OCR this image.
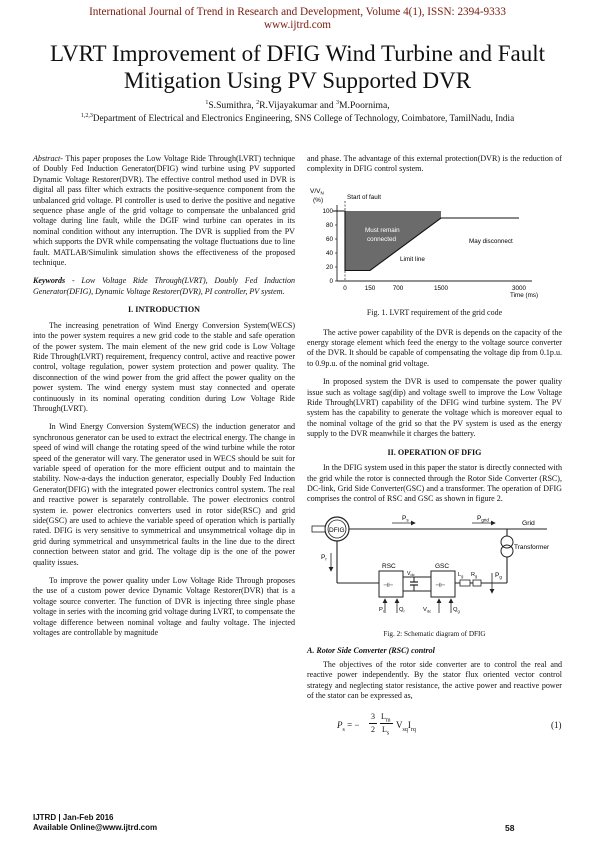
International Journal of Trend in Research and Development, Volume 4(1), ISSN: 2394-9333
www.ijtrd.com
LVRT Improvement of DFIG Wind Turbine and Fault Mitigation Using PV Supported DVR
$^1$S.Sumithra, $^2$R.Vijayakumar and $^3$M.Poornima,
$^{1,2,3}$Department of Electrical and Electronics Engineering, SNS College of Technology, Coimbatore, TamilNadu, India

Abstract- This paper proposes the Low Voltage Ride Through(LVRT) technique of Doubly Fed Induction Generator(DFIG) wind turbine using PV supported Dynamic Voltage Restorer(DVR). The effective control method used in DVR is digital all pass filter which extracts the positive-sequence component from the unbalanced grid voltage. PI controller is used to derive the positive and negative sequence phase angle of the grid voltage to compensate the unbalanced grid voltage during line fault, while the DGIF wind turbine can operates in its nominal condition without any interruption. The DVR is supplied from the PV which supports the DVR while compensating the voltage fluctuations due to line fault. MATLAB/Simulink simulation shows the effectiveness of the proposed technique.

Keywords - Low Voltage Ride Through(LVRT), Doubly Fed Induction Generator(DFIG), Dynamic Voltage Restorer(DVR), PI controller, PV system.

I. INTRODUCTION

The increasing penetration of Wind Energy Conversion System(WECS) into the power system requires a new grid code to the stable and safe operation of the power system. The main element of the new grid code is Low Voltage Ride Through(LVRT) requirement, frequency control, active and reactive power control, voltage regulation, power system protection and power quality. The disconnection of the wind power from the grid affect the power quality on the power system. The wind energy system must stay connected and operate continuously in its nominal operating condition during Low Voltage Ride Through(LVRT).

In Wind Energy Conversion System(WECS) the induction generator and synchronous generator can be used to extract the electrical energy. The change in speed of wind will change the rotating speed of the wind turbine while the rotor speed of the generator will vary. The generator used in WECS should be suit for variable speed of operation for the more efficient output and to maintain the stability. Now-a-days the induction generator, especially Doubly Fed Induction Generator(DFIG) with the integrated power electronics control system. The real and reactive power is separately controllable. The power electronics control system ie. power electronics converters used in rotor side(RSC) and grid side(GSC) are used to achieve the variable speed of operation which is partially rated. DFIG is very sensitive to symmetrical and unsymmetrical voltage dip in grid during symmetrical and unsymmetrical faults in the line due to the direct connection between stator and grid. The voltage dip is the one of the power quality issues.

To improve the power quality under Low Voltage Ride Through proposes the use of a custom power device Dynamic Voltage Restorer(DVR) that is a voltage source converter. The function of DVR is injecting three single phase voltage in series with the incoming grid voltage during LVRT, to compensate the voltage difference between nominal voltage and faulty voltage. The injected voltages are controllable by magnitude

and phase. The advantage of this external protection(DVR) is the reduction of complexity in DFIG control system.

0
20
40
60
80
100
0	150	700	1500	3000
$V/V_N$
(%)	Start of fault
Must remain
connected
Limit line
May disconnect
Time (ms)
Fig. 1. LVRT requirement of the grid code

The active power capability of the DVR is depends on the capacity of the energy storage element which feed the energy to the voltage source converter of the DVR. It should be capable of compensating the voltage dip from 0.1p.u. to 0.9p.u. of the nominal grid voltage.

In proposed system the DVR is used to compensate the power quality issue such as voltage sag(dip) and voltage swell to improve the Low Voltage Ride Through(LVRT) capability of the DFIG wind turbine system. The PV system has the capability to generate the voltage which is moreover equal to the nominal voltage of the grid so that the PV system is used as the energy supply to the DVR meanwhile it charges the battery.

II. OPERATION OF DFIG

In the DFIG system used in this paper the stator is directly connected with the grid while the rotor is connected through the Rotor Side Converter (RSC), DC-link, Grid Side Converter(GSC) and a transformer. The operation of DFIG comprises the control of RSC and GSC as shown in figure 2.

DFIG
$P_s$	$P_{grid}$	Grid
$P_r$
RSC
⊣⊢
GSC
⊣⊢
$L_g$ $R_g$	$P_g$
Transformer
$P_r$	$Q_r$	$V_{dc}$	$Q_g$
$V_{dc}$
Fig. 2: Schematic diagram of DFIG
A. Rotor Side Converter (RSC) control

The objectives of the rotor side converter are to control the real and reactive power independently. By the stator flux oriented vector control strategy and neglecting stator resistance, the active power and reactive power of the stator can be expressed as,

$P_s$ = −
3
2
$L_m$
$L_s$
$V_{sq}I_{rq}$	(1)
IJTRD | Jan-Feb 2016
Available Online@www.ijtrd.com	58
